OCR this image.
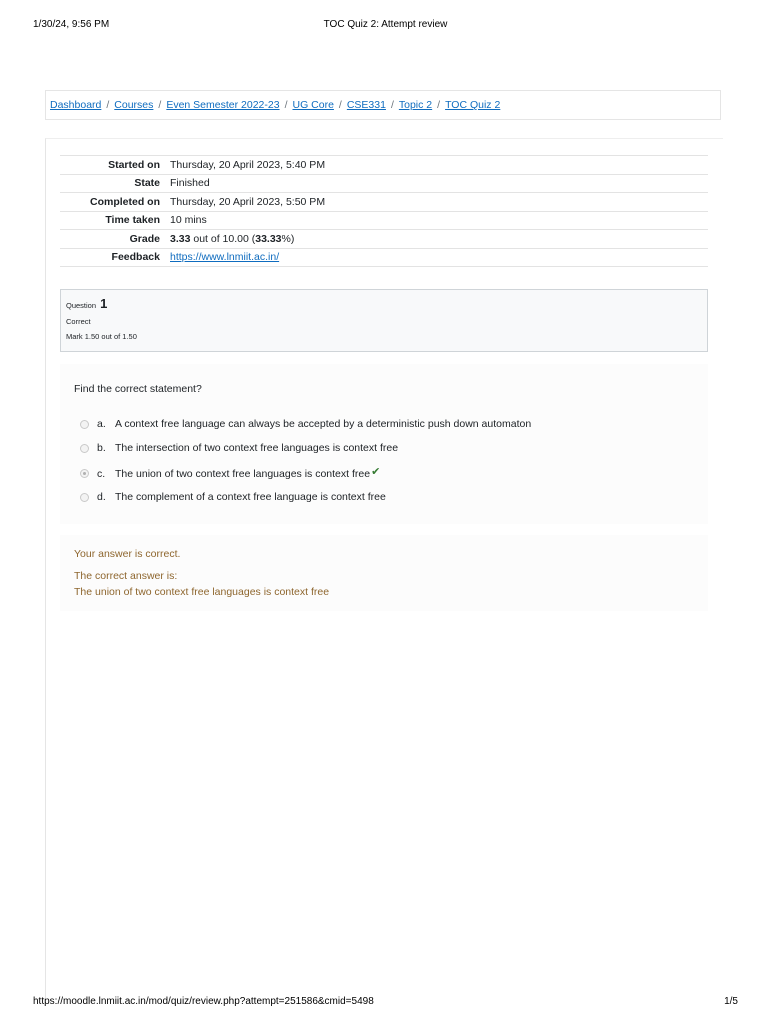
1/30/24, 9:56 PM	TOC Quiz 2: Attempt review
Dashboard / Courses / Even Semester 2022-23 / UG Core / CSE331 / Topic 2 / TOC Quiz 2
Started on	Thursday, 20 April 2023, 5:40 PM
State	Finished
Completed on	Thursday, 20 April 2023, 5:50 PM
Time taken	10 mins
Grade	3.33 out of 10.00 (33.33%)
Feedback	https://www.lnmiit.ac.in/
Question 1
Correct
Mark 1.50 out of 1.50
Find the correct statement?
a. A context free language can always be accepted by a deterministic push down automaton
b. The intersection of two context free languages is context free
c. The union of two context free languages is context free ✔
d. The complement of a context free language is context free
Your answer is correct.
The correct answer is:
The union of two context free languages is context free
https://moodle.lnmiit.ac.in/mod/quiz/review.php?attempt=251586&cmid=5498	1/5
